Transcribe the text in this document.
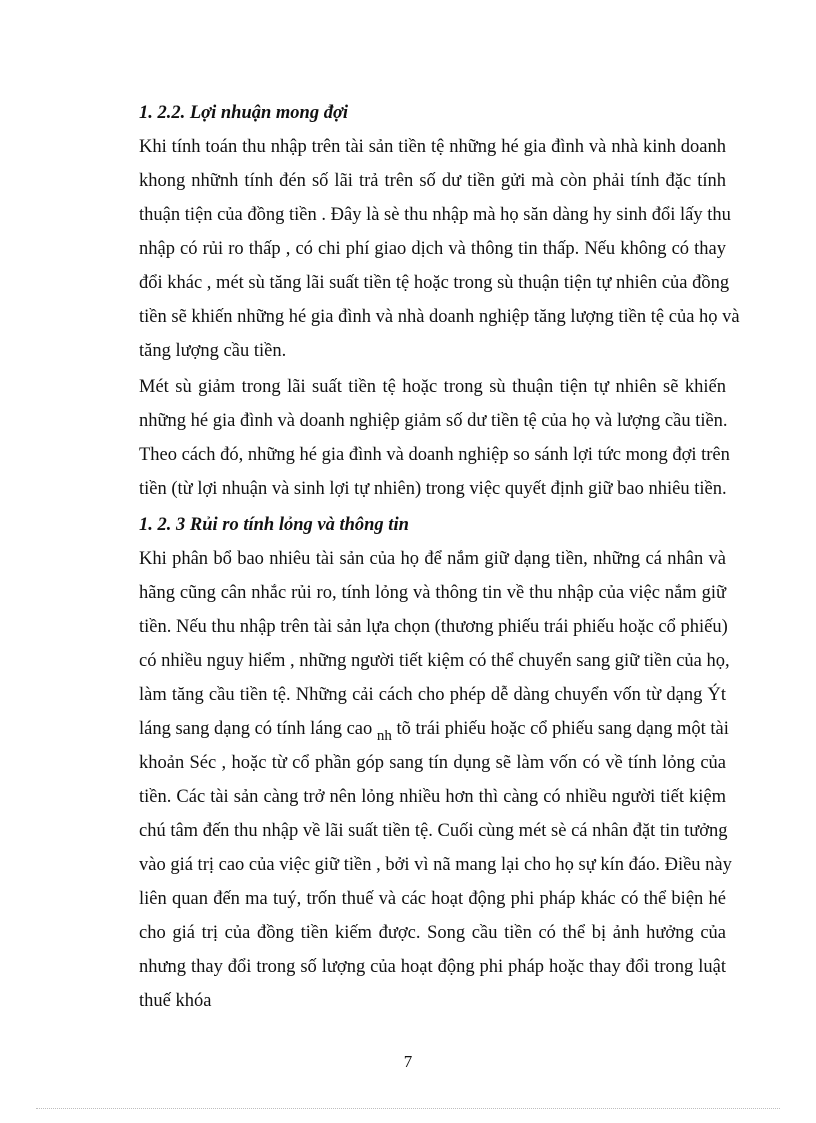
1. 2.2. Lợi nhuận mong đợi
Khi tính toán thu nhập trên tài sản tiền tệ những hé gia đình và nhà kinh doanh
khong nhữnh tính đén số lãi trả trên số dư tiền gửi mà còn phải tính đặc tính
thuận tiện của đồng tiền . Đây là sè thu nhập mà họ săn dàng hy sinh đổi lấy thu
nhập có rủi ro thấp , có chi phí giao dịch và thông tin thấp. Nếu không có thay
đổi khác , mét sù tăng lãi suất tiền tệ hoặc trong sù thuận tiện tự nhiên của đồng
tiền sẽ khiến những hé gia đình và nhà doanh nghiệp tăng lượng tiền tệ của họ và
tăng lượng cầu tiền.
Mét sù giảm trong lãi suất tiền tệ hoặc trong sù thuận tiện tự nhiên sẽ khiến
những hé gia đình và doanh nghiệp giảm số dư tiền tệ của họ và lượng cầu tiền.
Theo cách đó, những hé gia đình và doanh nghiệp so sánh lợi tức mong đợi trên
tiền (từ lợi nhuận và sinh lợi tự nhiên) trong việc quyết định giữ bao nhiêu tiền.
1. 2. 3 Rủi ro tính lỏng và thông tin
Khi phân bổ bao nhiêu tài sản của họ để nắm giữ dạng tiền, những cá nhân và
hãng cũng cân nhắc rủi ro, tính lỏng và thông tin về thu nhập của việc nắm giữ
tiền. Nếu thu nhập trên tài sản lựa chọn (thương phiếu trái phiếu hoặc cổ phiếu)
có nhiều nguy hiểm , những người tiết kiệm có thể chuyển sang giữ tiền của họ,
làm tăng cầu tiền tệ. Những cải cách cho phép dễ dàng chuyển vốn từ dạng Ýt
láng sang dạng có tính láng cao $_{nh}$ tõ trái phiếu hoặc cổ phiếu sang dạng một tài
khoản Séc , hoặc từ cổ phần góp sang tín dụng sẽ làm vốn có về tính lỏng của
tiền. Các tài sản càng trở nên lỏng nhiều hơn thì càng có nhiều người tiết kiệm
chú tâm đến thu nhập về lãi suất tiền tệ. Cuối cùng mét sè cá nhân đặt tin tưởng
vào giá trị cao của việc giữ tiền , bởi vì nã mang lại cho họ sự kín đáo. Điều này
liên quan đến ma tuý, trốn thuế và các hoạt động phi pháp khác có thể biện hé
cho giá trị của đồng tiền kiếm được. Song cầu tiền có thể bị ảnh hưởng của
nhưng thay đổi trong số lượng của hoạt động phi pháp hoặc thay đổi trong luật
thuế khóa
7
